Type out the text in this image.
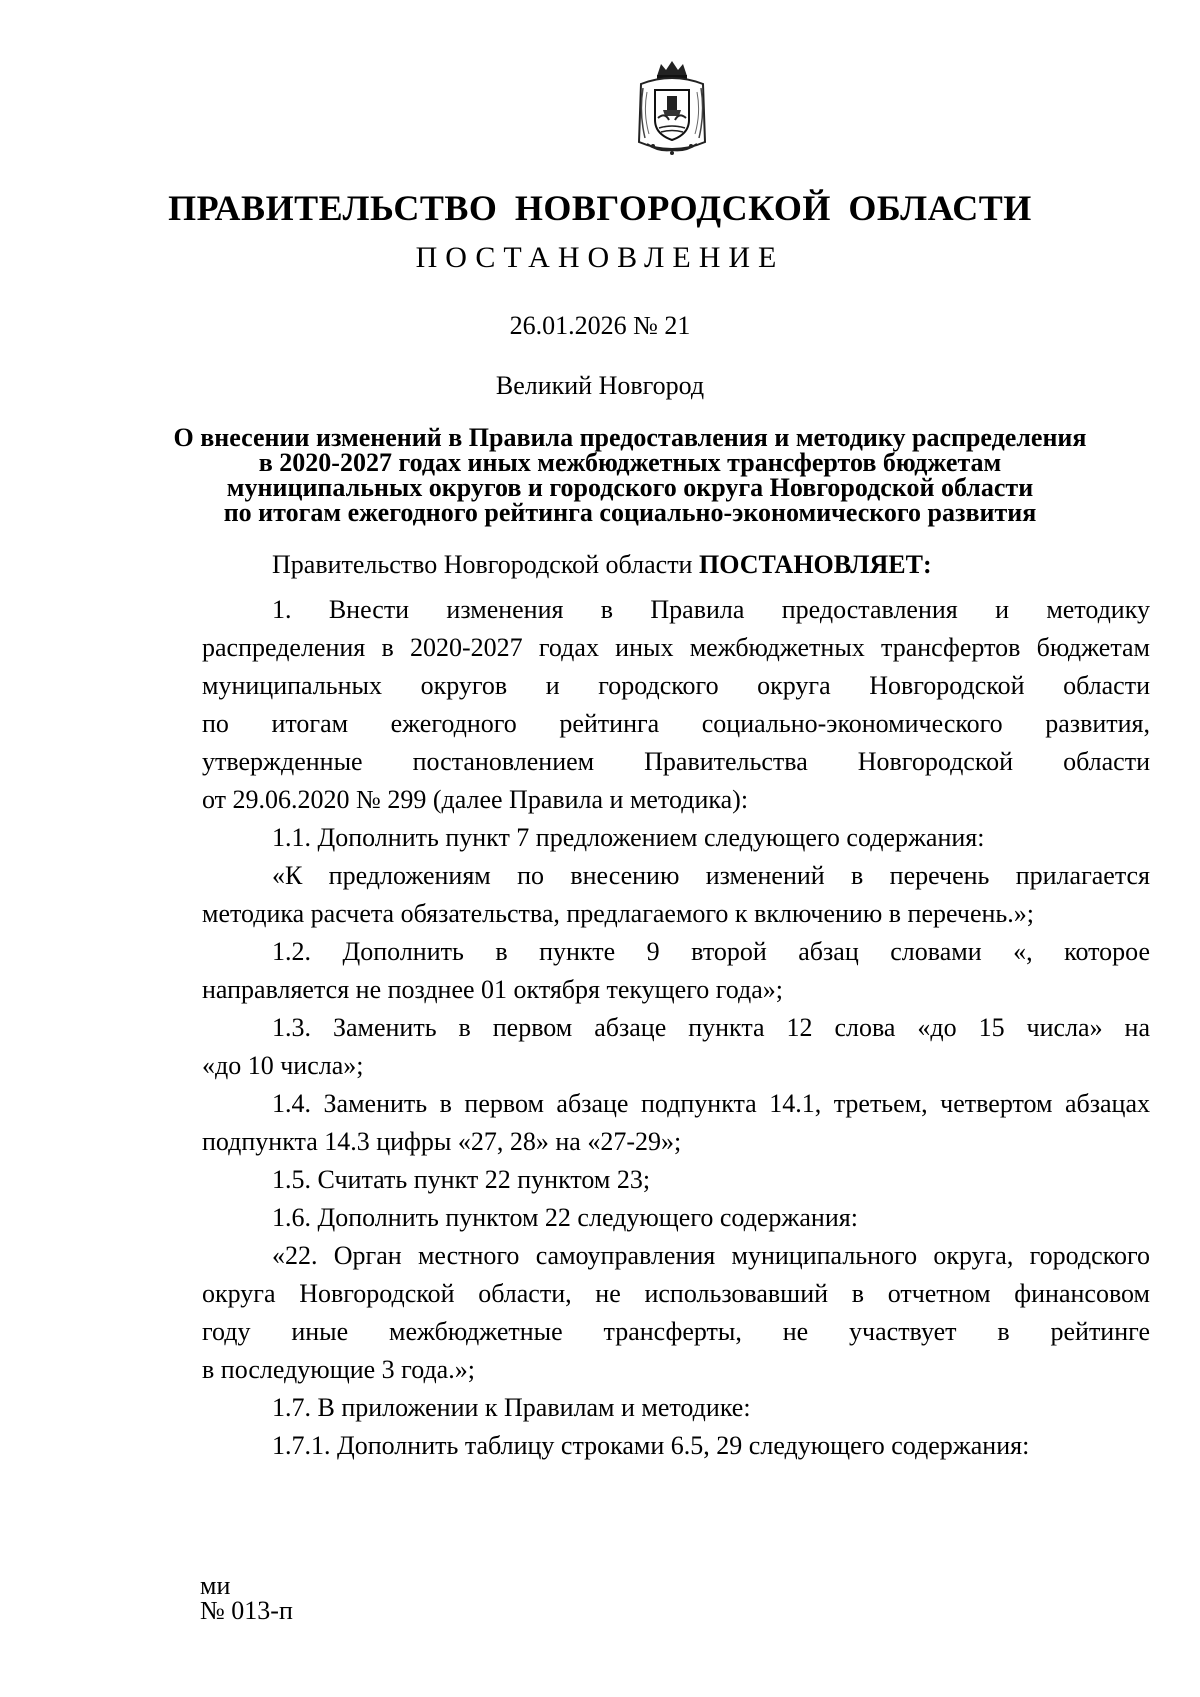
ПРАВИТЕЛЬСТВО НОВГОРОДСКОЙ ОБЛАСТИ
ПОСТАНОВЛЕНИЕ
26.01.2026 № 21
Великий Новгород
О внесении изменений в Правила предоставления и методику распределения
в 2020-2027 годах иных межбюджетных трансфертов бюджетам
муниципальных округов и городского округа Новгородской области
по итогам ежегодного рейтинга социально-экономического развития

Правительство Новгородской области ПОСТАНОВЛЯЕТ:

1. Внести изменения в Правила предоставления и методику
распределения в 2020-2027 годах иных межбюджетных трансфертов бюджетам
муниципальных округов и городского округа Новгородской области
по итогам ежегодного рейтинга социально-экономического развития,
утвержденные постановлением Правительства Новгородской области
от 29.06.2020 № 299 (далее Правила и методика):
1.1. Дополнить пункт 7 предложением следующего содержания:
«К предложениям по внесению изменений в перечень прилагается
методика расчета обязательства, предлагаемого к включению в перечень.»;
1.2. Дополнить в пункте 9 второй абзац словами «, которое
направляется не позднее 01 октября текущего года»;
1.3. Заменить в первом абзаце пункта 12 слова «до 15 числа» на
«до 10 числа»;
1.4. Заменить в первом абзаце подпункта 14.1, третьем, четвертом абзацах
подпункта 14.3 цифры «27, 28» на «27-29»;
1.5. Считать пункт 22 пунктом 23;
1.6. Дополнить пунктом 22 следующего содержания:
«22. Орган местного самоуправления муниципального округа, городского
округа Новгородской области, не использовавший в отчетном финансовом
году иные межбюджетные трансферты, не участвует в рейтинге
в последующие 3 года.»;
1.7. В приложении к Правилам и методике:
1.7.1. Дополнить таблицу строками 6.5, 29 следующего содержания:
ми
№ 013-п
